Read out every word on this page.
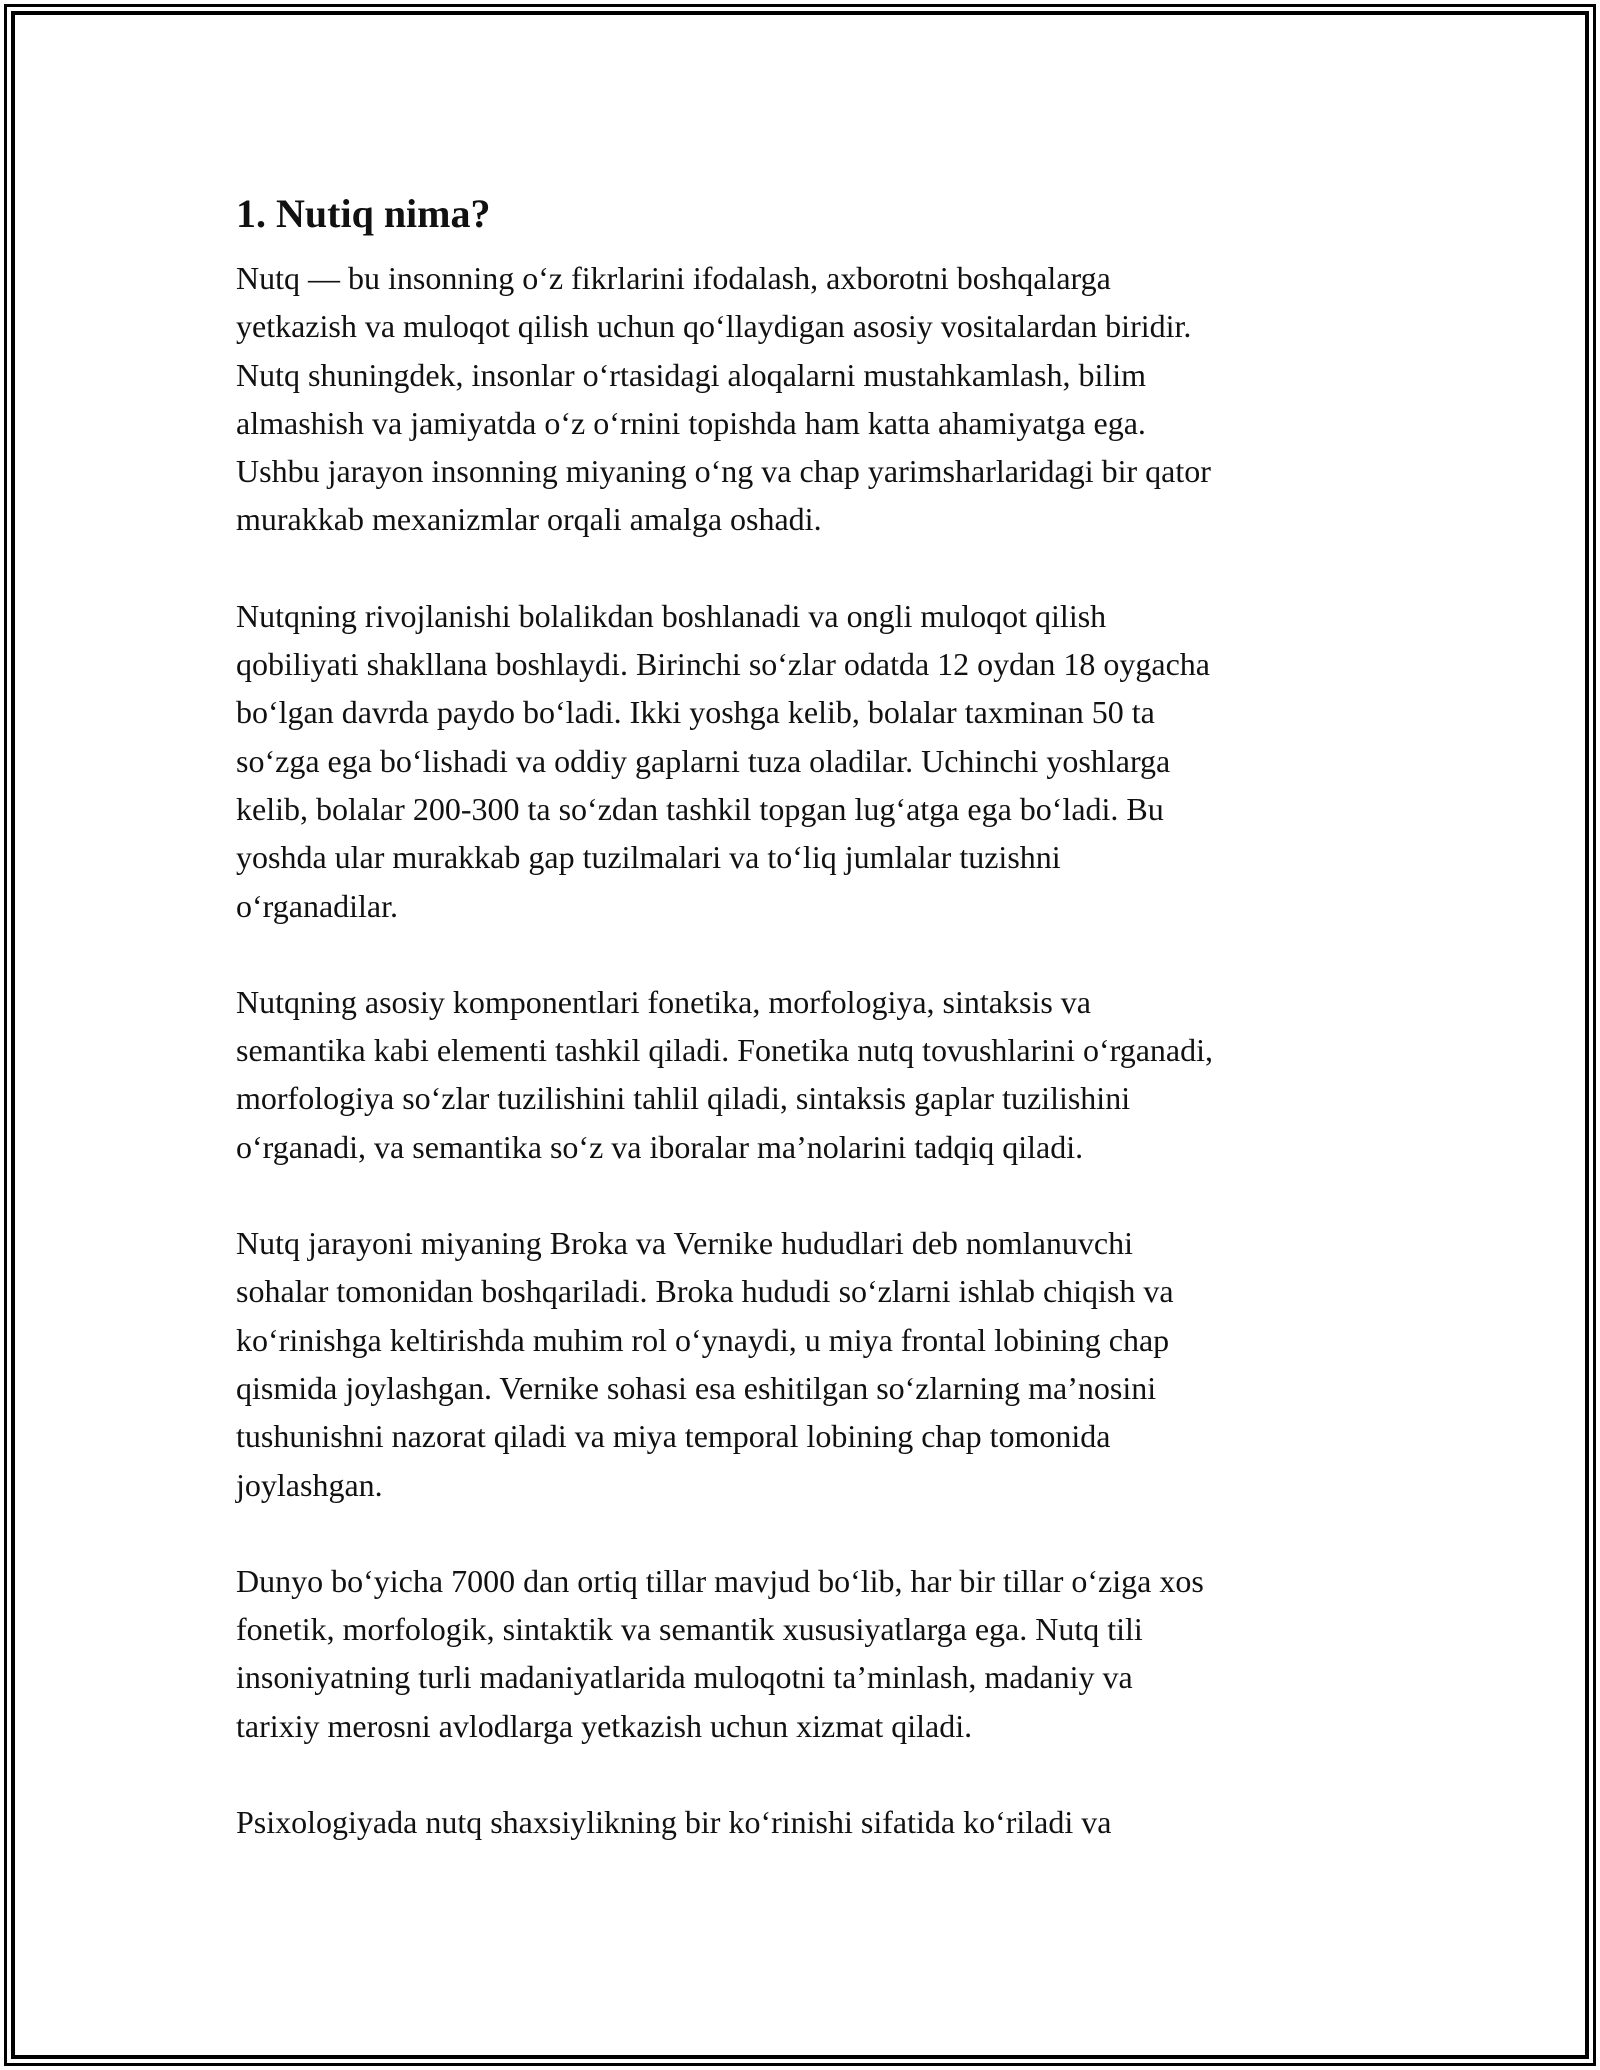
1. Nutiq nima?
Nutq — bu insonning o‘z fikrlarini ifodalash, axborotni boshqalarga
yetkazish va muloqot qilish uchun qo‘llaydigan asosiy vositalardan biridir.
Nutq shuningdek, insonlar o‘rtasidagi aloqalarni mustahkamlash, bilim
almashish va jamiyatda o‘z o‘rnini topishda ham katta ahamiyatga ega.
Ushbu jarayon insonning miyaning o‘ng va chap yarimsharlaridagi bir qator
murakkab mexanizmlar orqali amalga oshadi.
Nutqning rivojlanishi bolalikdan boshlanadi va ongli muloqot qilish
qobiliyati shakllana boshlaydi. Birinchi so‘zlar odatda 12 oydan 18 oygacha
bo‘lgan davrda paydo bo‘ladi. Ikki yoshga kelib, bolalar taxminan 50 ta
so‘zga ega bo‘lishadi va oddiy gaplarni tuza oladilar. Uchinchi yoshlarga
kelib, bolalar 200-300 ta so‘zdan tashkil topgan lug‘atga ega bo‘ladi. Bu
yoshda ular murakkab gap tuzilmalari va to‘liq jumlalar tuzishni
o‘rganadilar.
Nutqning asosiy komponentlari fonetika, morfologiya, sintaksis va
semantika kabi elementi tashkil qiladi. Fonetika nutq tovushlarini o‘rganadi,
morfologiya so‘zlar tuzilishini tahlil qiladi, sintaksis gaplar tuzilishini
o‘rganadi, va semantika so‘z va iboralar ma’nolarini tadqiq qiladi.
Nutq jarayoni miyaning Broka va Vernike hududlari deb nomlanuvchi
sohalar tomonidan boshqariladi. Broka hududi so‘zlarni ishlab chiqish va
ko‘rinishga keltirishda muhim rol o‘ynaydi, u miya frontal lobining chap
qismida joylashgan. Vernike sohasi esa eshitilgan so‘zlarning ma’nosini
tushunishni nazorat qiladi va miya temporal lobining chap tomonida
joylashgan.
Dunyo bo‘yicha 7000 dan ortiq tillar mavjud bo‘lib, har bir tillar o‘ziga xos
fonetik, morfologik, sintaktik va semantik xususiyatlarga ega. Nutq tili
insoniyatning turli madaniyatlarida muloqotni ta’minlash, madaniy va
tarixiy merosni avlodlarga yetkazish uchun xizmat qiladi.
Psixologiyada nutq shaxsiylikning bir ko‘rinishi sifatida ko‘riladi va
